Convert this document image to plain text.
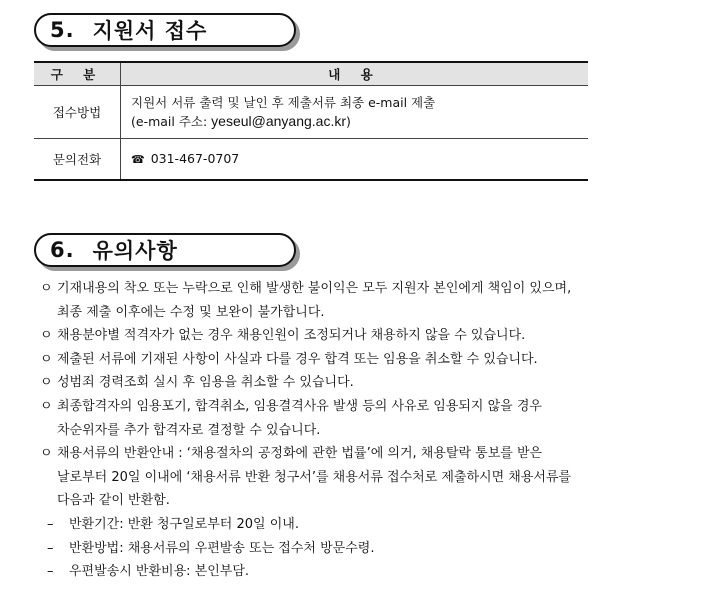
5. 지원서 접수
구 분	내 용
접수방법	지원서 서류 출력 및 날인 후 제출서류 최종 e-mail 제출
(e-mail 주소: yeseul@anyang.ac.kr)

문의전화	☎ 031-467-0707
6. 유의사항
ㅇ 기재내용의 착오 또는 누락으로 인해 발생한 불이익은 모두 지원자 본인에게 책임이 있으며,
최종 제출 이후에는 수정 및 보완이 불가합니다.
ㅇ 채용분야별 적격자가 없는 경우 채용인원이 조정되거나 채용하지 않을 수 있습니다.
ㅇ 제출된 서류에 기재된 사항이 사실과 다를 경우 합격 또는 임용을 취소할 수 있습니다.
ㅇ 성범죄 경력조회 실시 후 임용을 취소할 수 있습니다.
ㅇ 최종합격자의 임용포기, 합격취소, 임용결격사유 발생 등의 사유로 임용되지 않을 경우
차순위자를 추가 합격자로 결정할 수 있습니다.
ㅇ 채용서류의 반환안내 : ‘채용절차의 공정화에 관한 법률’에 의거, 채용탈락 통보를 받은
날로부터 20일 이내에 ‘채용서류 반환 청구서’를 채용서류 접수처로 제출하시면 채용서류를
다음과 같이 반환함.
– 반환기간: 반환 청구일로부터 20일 이내.
– 반환방법: 채용서류의 우편발송 또는 접수처 방문수령.
– 우편발송시 반환비용: 본인부담.
